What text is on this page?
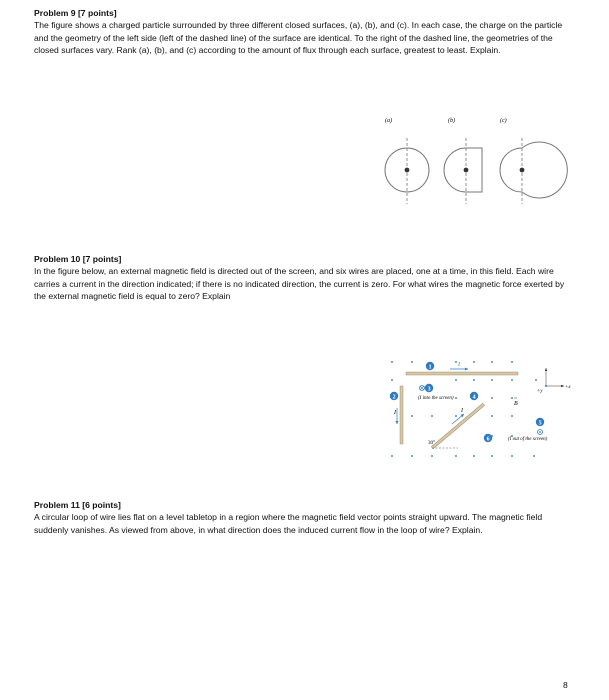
Problem 9 [7 points]

The figure shows a charged particle surrounded by three different closed surfaces, (a), (b), and (c). In each case, the charge on the particle and the geometry of the left side (left of the dashed line) of the surface are identical. To the right of the dashed line, the geometries of the closed surfaces vary. Rank (a), (b), and (c) according to the amount of flux through each surface, greatest to least. Explain.

(a)	(b)	(c)
Problem 10 [7 points]

In the figure below, an external magnetic field is directed out of the screen, and six wires are placed, one at a time, in this field. Each wire carries a current in the direction indicated; if there is no indicated direction, the current is zero. For what wires the magnetic force exerted by the external magnetic field is equal to zero? Explain

1	I
2
I
3
(I into the screen)	4
I
30°
5
(I out of the screen)
6
B
+x
+y
Problem 11 [6 points]

A circular loop of wire lies flat on a level tabletop in a region where the magnetic field vector points straight upward. The magnetic field suddenly vanishes. As viewed from above, in what direction does the induced current flow in the loop of wire? Explain.

8
